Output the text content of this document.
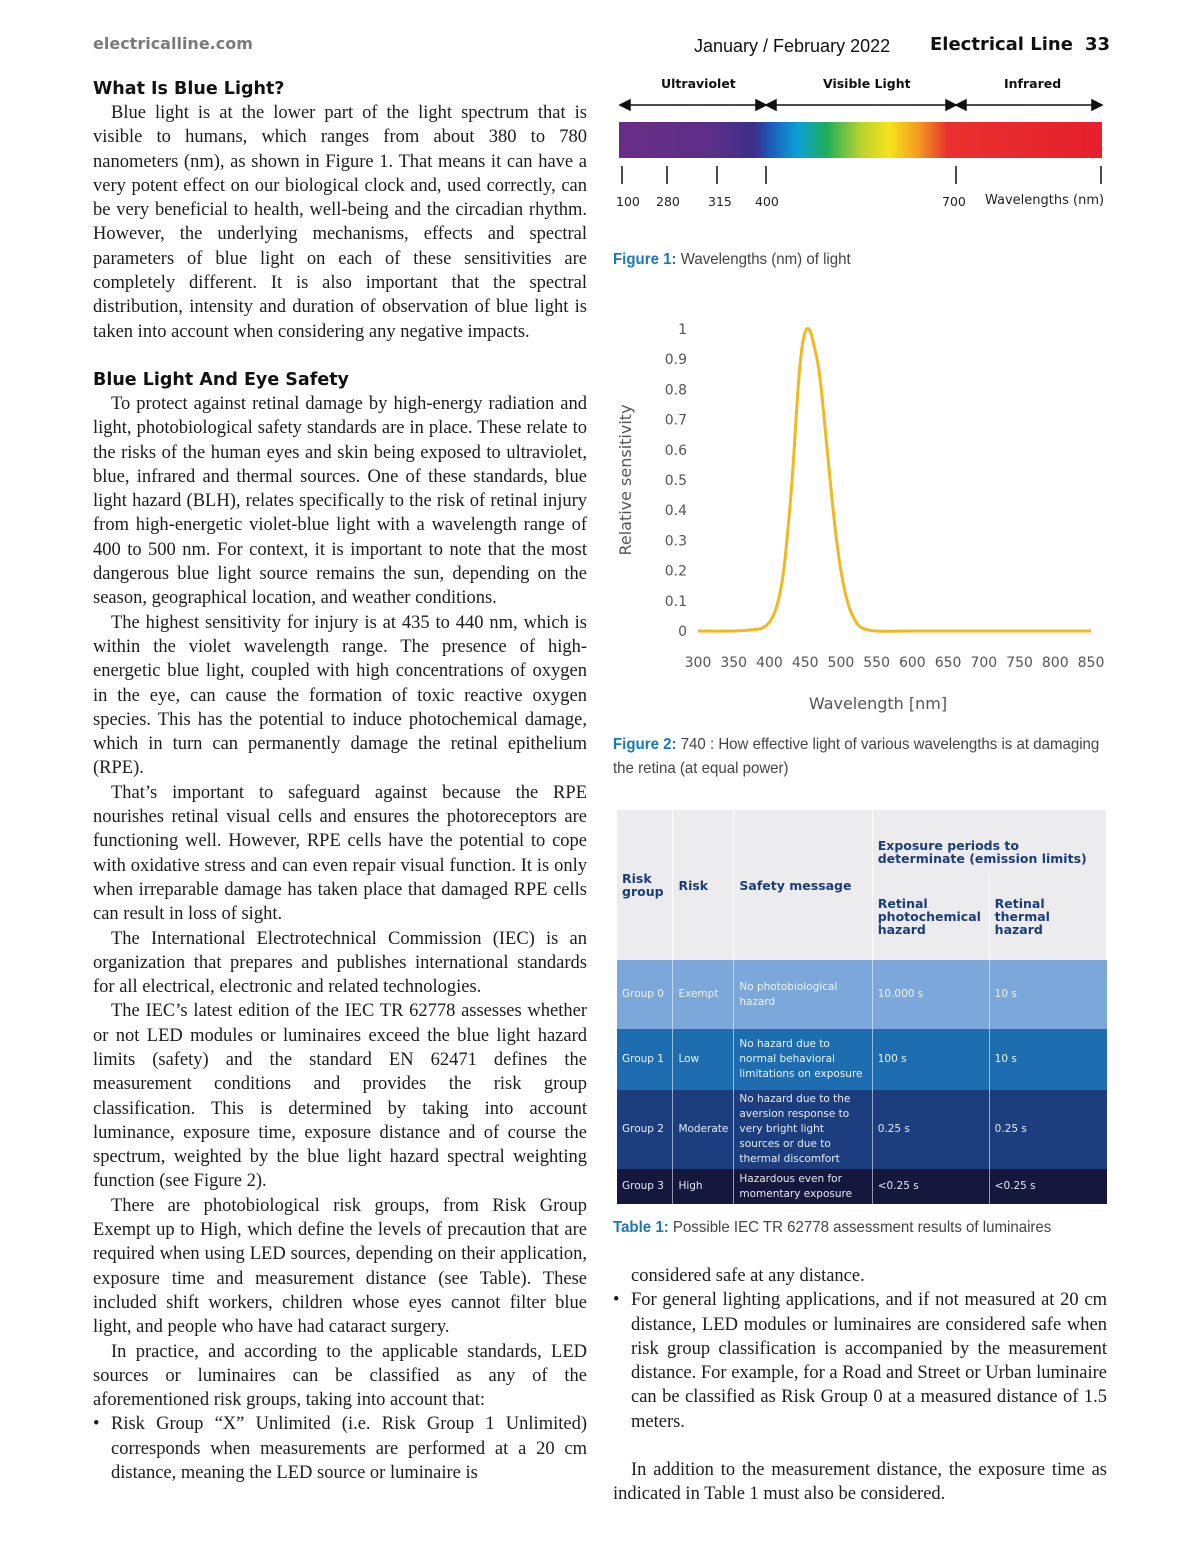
electricalline.com	January / February 2022 Electrical Line 33
What Is Blue Light?

Blue light is at the lower part of the light spectrum that is visible to humans, which ranges from about 380 to 780 nanometers (nm), as shown in Figure 1. That means it can have a very potent effect on our biological clock and, used correctly, can be very beneficial to health, well-being and the circadian rhythm. However, the underlying mechanisms, effects and spectral parameters of blue light on each of these sensitivities are completely different. It is also important that the spectral distribution, intensity and duration of observation of blue light is taken into account when considering any negative impacts.

Blue Light And Eye Safety

To protect against retinal damage by high-energy radiation and light, photobiological safety standards are in place. These relate to the risks of the human eyes and skin being exposed to ultraviolet, blue, infrared and thermal sources. One of these standards, blue light hazard (BLH), relates specifically to the risk of retinal injury from high-energetic violet-blue light with a wavelength range of 400 to 500 nm. For context, it is important to note that the most dangerous blue light source remains the sun, depending on the season, geographical location, and weather conditions.

The highest sensitivity for injury is at 435 to 440 nm, which is within the violet wavelength range. The presence of high-energetic blue light, coupled with high concentrations of oxygen in the eye, can cause the formation of toxic reactive oxygen species. This has the potential to induce photochemical damage, which in turn can permanently damage the retinal epithelium (RPE).

That’s important to safeguard against because the RPE nourishes retinal visual cells and ensures the photoreceptors are functioning well. However, RPE cells have the potential to cope with oxidative stress and can even repair visual function. It is only when irreparable damage has taken place that damaged RPE cells can result in loss of sight.

The International Electrotechnical Commission (IEC) is an organization that prepares and publishes international standards for all electrical, electronic and related technologies.

The IEC’s latest edition of the IEC TR 62778 assesses whether or not LED modules or luminaires exceed the blue light hazard limits (safety) and the standard EN 62471 defines the measurement conditions and provides the risk group classification. This is determined by taking into account luminance, exposure time, exposure distance and of course the spectrum, weighted by the blue light hazard spectral weighting function (see Figure 2).

There are photobiological risk groups, from Risk Group Exempt up to High, which define the levels of precaution that are required when using LED sources, depending on their application, exposure time and measurement distance (see Table). These included shift workers, children whose eyes cannot filter blue light, and people who have had cataract surgery.

In practice, and according to the applicable standards, LED sources or luminaires can be classified as any of the aforementioned risk groups, taking into account that:

• Risk Group “X” Unlimited (i.e. Risk Group 1 Unlimited) corresponds when measurements are performed at a 20 cm distance, meaning the LED source or luminaire is
Ultraviolet	Visible Light	Infrared
100 280 315 400	700 Wavelengths (nm)
Figure 1: Wavelengths (nm) of light
0
0.1
0.2
0.3
0.4
0.5
0.6
0.7
0.8
0.9
1
300 350 400 450 500 550 600 650 700 750 800 850
Wavelength [nm]
Relative sensitivity
Figure 2: 740 : How effective light of various wavelengths is at damaging the retina (at equal power)
Risk group	Risk	Safety message	Exposure periods to determinate (emission limits)	
			Retinal photochemical hazard	Retinal thermal hazard
Group 0	Exempt	No photobiological hazard	10.000 s	10 s
Group 1	Low	No hazard due to normal behavioral limitations on exposure	100 s	10 s
Group 2	Moderate	No hazard due to the aversion response to very bright light sources or due to thermal discomfort	0.25 s	0.25 s
Group 3	High	Hazardous even for momentary exposure	<0.25 s	<0.25 s
Table 1: Possible IEC TR 62778 assessment results of luminaires

considered safe at any distance.

• For general lighting applications, and if not measured at 20 cm distance, LED modules or luminaires are considered safe when risk group classification is accompanied by the measurement distance. For example, for a Road and Street or Urban luminaire can be classified as Risk Group 0 at a measured distance of 1.5 meters.

In addition to the measurement distance, the exposure time as indicated in Table 1 must also be considered.
